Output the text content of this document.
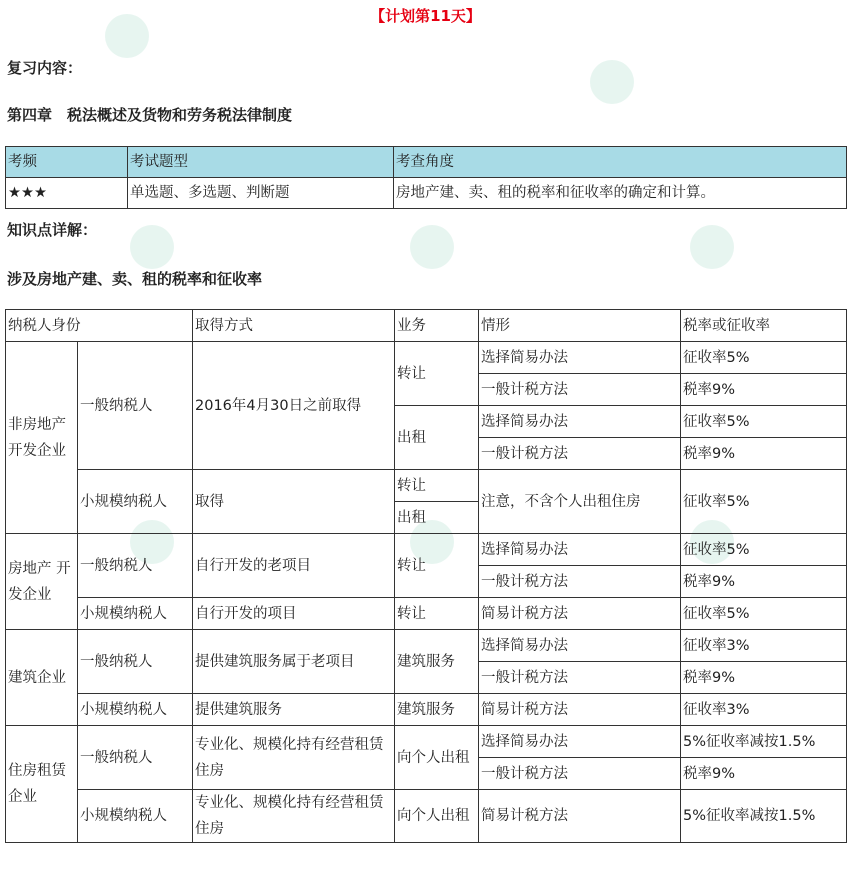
【计划第11天】
复习内容：
第四章　税法概述及货物和劳务税法律制度
考频	考试题型	考查角度
★★★	单选题、多选题、判断题	房地产建、卖、租的税率和征收率的确定和计算。
知识点详解：
涉及房地产建、卖、租的税率和征收率
纳税人身份		取得方式	业务	情形	税率或征收率
非房地产开发企业	一般纳税人	2016年4月30日之前取得	转让	选择简易办法	征收率5%
				一般计税方法	税率9%
			出租	选择简易办法	征收率5%
				一般计税方法	税率9%
	小规模纳税人	取得	转让	注意，不含个人出租住房	征收率5%
			出租		
房地产 开发企业	一般纳税人	自行开发的老项目	转让	选择简易办法	征收率5%
				一般计税方法	税率9%
	小规模纳税人	自行开发的项目	转让	简易计税方法	征收率5%
建筑企业	一般纳税人	提供建筑服务属于老项目	建筑服务	选择简易办法	征收率3%
				一般计税方法	税率9%
	小规模纳税人	提供建筑服务	建筑服务	简易计税方法	征收率3%
住房租赁企业	一般纳税人	专业化、规模化持有经营租赁住房	向个人出租	选择简易办法	5%征收率减按1.5%
				一般计税方法	税率9%
	小规模纳税人	专业化、规模化持有经营租赁住房	向个人出租	简易计税方法	5%征收率减按1.5%
